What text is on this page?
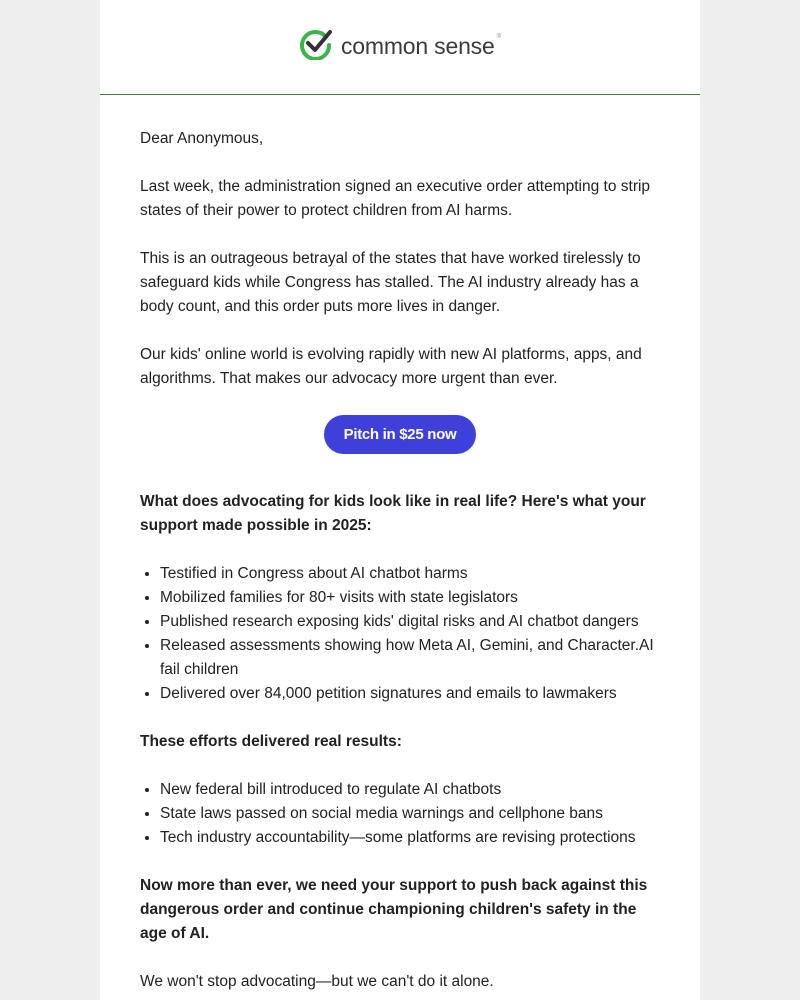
common sense ®

Dear Anonymous,

Last week, the administration signed an executive order attempting to strip states of their power to protect children from AI harms.

This is an outrageous betrayal of the states that have worked tirelessly to safeguard kids while Congress has stalled. The AI industry already has a body count, and this order puts more lives in danger.

Our kids' online world is evolving rapidly with new AI platforms, apps, and algorithms. That makes our advocacy more urgent than ever.

Pitch in $25 now

What does advocating for kids look like in real life? Here's what your support made possible in 2025:

• Testified in Congress about AI chatbot harms
• Mobilized families for 80+ visits with state legislators
• Published research exposing kids' digital risks and AI chatbot dangers
• Released assessments showing how Meta AI, Gemini, and Character.AI fail children
• Delivered over 84,000 petition signatures and emails to lawmakers

These efforts delivered real results:

• New federal bill introduced to regulate AI chatbots
• State laws passed on social media warnings and cellphone bans
• Tech industry accountability—some platforms are revising protections

Now more than ever, we need your support to push back against this dangerous order and continue championing children's safety in the age of AI.

We won't stop advocating—but we can't do it alone.
